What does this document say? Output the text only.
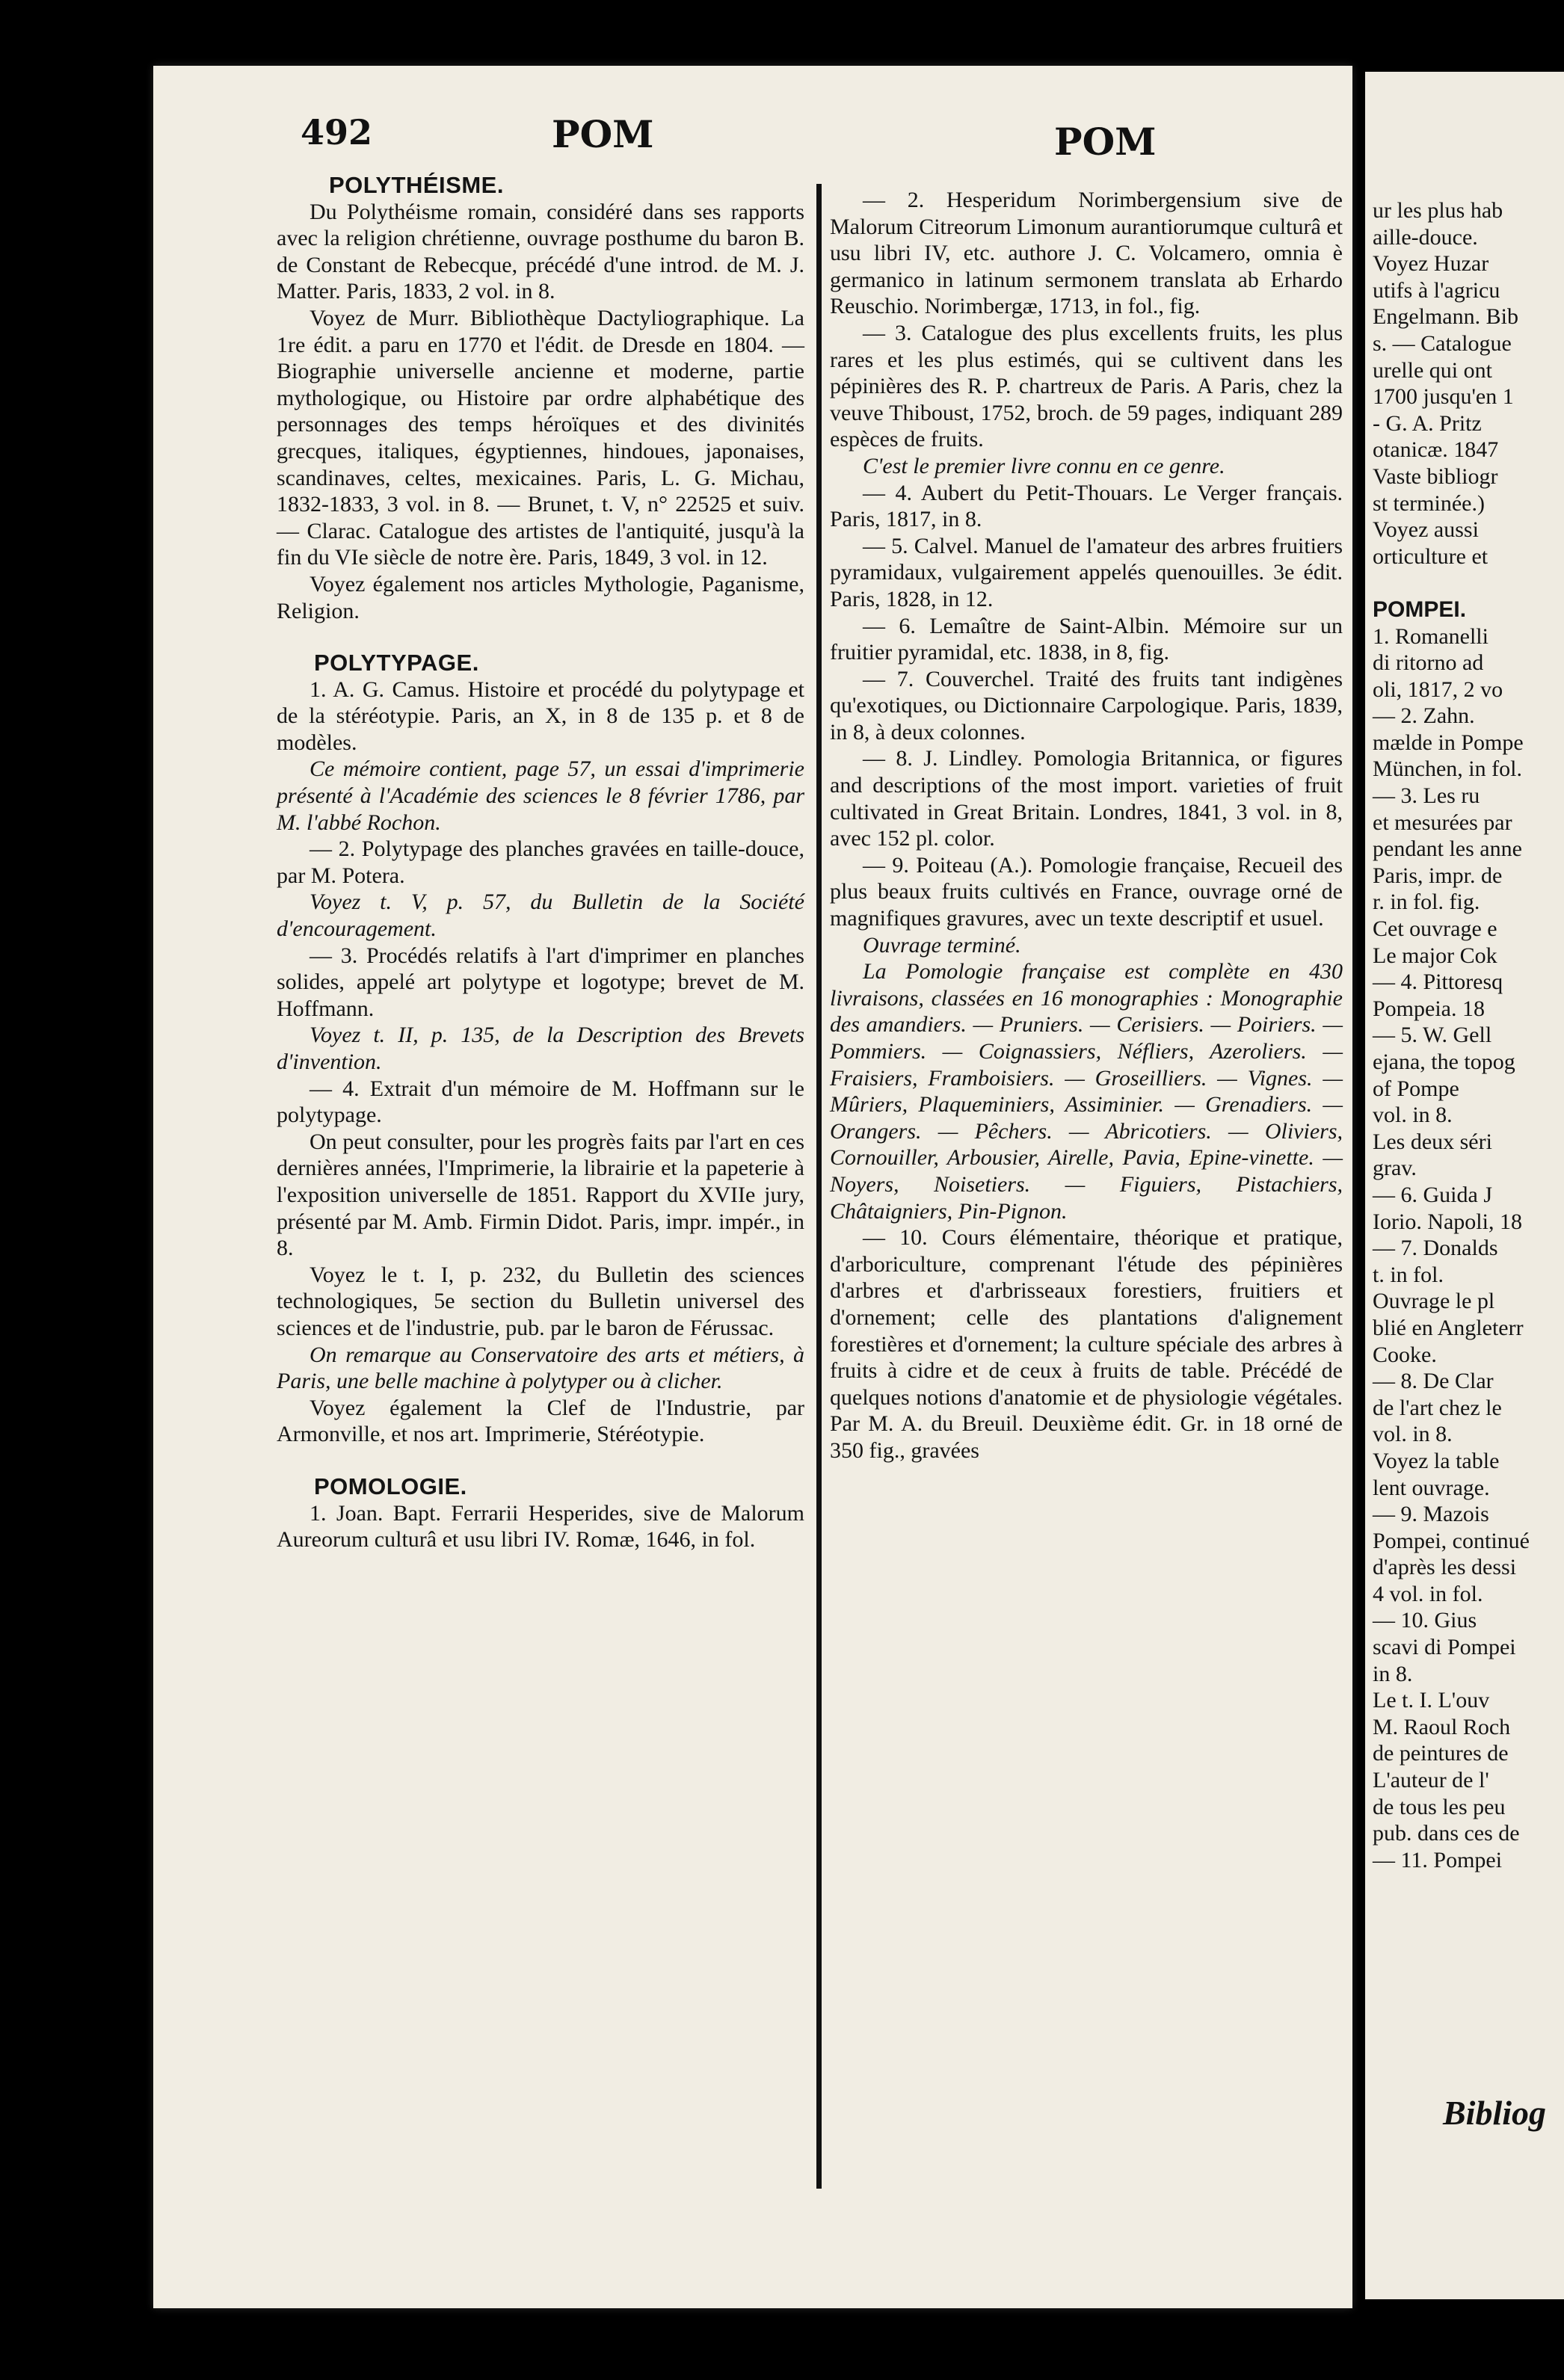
492	POM	POM

POLYTHÉISME.

Du Polythéisme romain, considéré dans ses rapports avec la religion chrétienne, ouvrage posthume du baron B. de Constant de Rebecque, précédé d'une introd. de M. J. Matter. Paris, 1833, 2 vol. in 8.

Voyez de Murr. Bibliothèque Dactyliographique. La 1re édit. a paru en 1770 et l'édit. de Dresde en 1804. —Biographie universelle ancienne et moderne, partie mythologique, ou Histoire par ordre alphabétique des personnages des temps héroïques et des divinités grecques, italiques, égyptiennes, hindoues, japonaises, scandinaves, celtes, mexicaines. Paris, L. G. Michau, 1832-1833, 3 vol. in 8. — Brunet, t. V, n° 22525 et suiv. — Clarac. Catalogue des artistes de l'antiquité, jusqu'à la fin du VIe siècle de notre ère. Paris, 1849, 3 vol. in 12.

Voyez également nos articles Mythologie, Paganisme, Religion.

POLYTYPAGE.

1. A. G. Camus. Histoire et procédé du polytypage et de la stéréotypie. Paris, an X, in 8 de 135 p. et 8 de modèles.

Ce mémoire contient, page 57, un essai d'imprimerie présenté à l'Académie des sciences le 8 février 1786, par M. l'abbé Rochon.

— 2. Polytypage des planches gravées en taille-douce, par M. Potera.

Voyez t. V, p. 57, du Bulletin de la Société d'encouragement.

— 3. Procédés relatifs à l'art d'imprimer en planches solides, appelé art polytype et logotype; brevet de M. Hoffmann.

Voyez t. II, p. 135, de la Description des Brevets d'invention.

— 4. Extrait d'un mémoire de M. Hoffmann sur le polytypage.

On peut consulter, pour les progrès faits par l'art en ces dernières années, l'Imprimerie, la librairie et la papeterie à l'exposition universelle de 1851. Rapport du XVIIe jury, présenté par M. Amb. Firmin Didot. Paris, impr. impér., in 8.

Voyez le t. I, p. 232, du Bulletin des sciences technologiques, 5e section du Bulletin universel des sciences et de l'industrie, pub. par le baron de Férussac.

On remarque au Conservatoire des arts et métiers, à Paris, une belle machine à polytyper ou à clicher.

Voyez également la Clef de l'Industrie, par Armonville, et nos art. Imprimerie, Stéréotypie.

POMOLOGIE.

1. Joan. Bapt. Ferrarii Hesperides, sive de Malorum Aureorum culturâ et usu libri IV. Romæ, 1646, in fol.

— 2. Hesperidum Norimbergensium sive de Malorum Citreorum Limonum aurantiorumque culturâ et usu libri IV, etc. authore J. C. Volcamero, omnia è germanico in latinum sermonem translata ab Erhardo Reuschio. Norimbergæ, 1713, in fol., fig.

— 3. Catalogue des plus excellents fruits, les plus rares et les plus estimés, qui se cultivent dans les pépinières des R. P. chartreux de Paris. A Paris, chez la veuve Thiboust, 1752, broch. de 59 pages, indiquant 289 espèces de fruits.

C'est le premier livre connu en ce genre.

— 4. Aubert du Petit-Thouars. Le Verger français. Paris, 1817, in 8.

— 5. Calvel. Manuel de l'amateur des arbres fruitiers pyramidaux, vulgairement appelés quenouilles. 3e édit. Paris, 1828, in 12.

— 6. Lemaître de Saint-Albin. Mémoire sur un fruitier pyramidal, etc. 1838, in 8, fig.

— 7. Couverchel. Traité des fruits tant indigènes qu'exotiques, ou Dictionnaire Carpologique. Paris, 1839, in 8, à deux colonnes.

— 8. J. Lindley. Pomologia Britannica, or figures and descriptions of the most import. varieties of fruit cultivated in Great Britain. Londres, 1841, 3 vol. in 8, avec 152 pl. color.

— 9. Poiteau (A.). Pomologie française, Recueil des plus beaux fruits cultivés en France, ouvrage orné de magnifiques gravures, avec un texte descriptif et usuel.

Ouvrage terminé.

La Pomologie française est complète en 430 livraisons, classées en 16 monographies : Monographie des amandiers. — Pruniers. — Cerisiers. — Poiriers. — Pommiers. — Coignassiers, Néfliers, Azeroliers. — Fraisiers, Framboisiers. — Groseilliers. — Vignes. — Mûriers, Plaqueminiers, Assiminier. — Grenadiers. — Orangers. — Pêchers. — Abricotiers. — Oliviers, Cornouiller, Arbousier, Airelle, Pavia, Epine-vinette. — Noyers, Noisetiers. — Figuiers, Pistachiers, Châtaigniers, Pin-Pignon.

— 10. Cours élémentaire, théorique et pratique, d'arboriculture, comprenant l'étude des pépinières d'arbres et d'arbrisseaux forestiers, fruitiers et d'ornement; celle des plantations d'alignement forestières et d'ornement; la culture spéciale des arbres à fruits à cidre et de ceux à fruits de table. Précédé de quelques notions d'anatomie et de physiologie végétales. Par M. A. du Breuil. Deuxième édit. Gr. in 18 orné de 350 fig., gravées

ur les plus hab
aille-douce.
Voyez Huzar
utifs à l'agricu
Engelmann. Bib
s. — Catalogue
urelle qui ont
1700 jusqu'en 1
- G. A. Pritz
otanicæ. 1847
Vaste bibliogr
st terminée.)
Voyez aussi
orticulture et

POMPEI.
1. Romanelli
di ritorno ad
oli, 1817, 2 vo
— 2. Zahn.
mælde in Pompe
München, in fol.
— 3. Les ru
et mesurées par
pendant les anne
Paris, impr. de
r. in fol. fig.
Cet ouvrage e
Le major Cok
— 4. Pittoresq
Pompeia. 18
— 5. W. Gell
ejana, the topog
of Pompe
vol. in 8.
Les deux séri
grav.
— 6. Guida J
Iorio. Napoli, 18
— 7. Donalds
t. in fol.
Ouvrage le pl
blié en Angleterr
Cooke.
— 8. De Clar
de l'art chez le
vol. in 8.
Voyez la table
lent ouvrage.
— 9. Mazois
Pompei, continué
d'après les dessi
4 vol. in fol.
— 10. Gius
scavi di Pompei
in 8.
Le t. I. L'ouv
M. Raoul Roch
de peintures de
L'auteur de l'
de tous les peu
pub. dans ces de
— 11. Pompei
Bibliog
